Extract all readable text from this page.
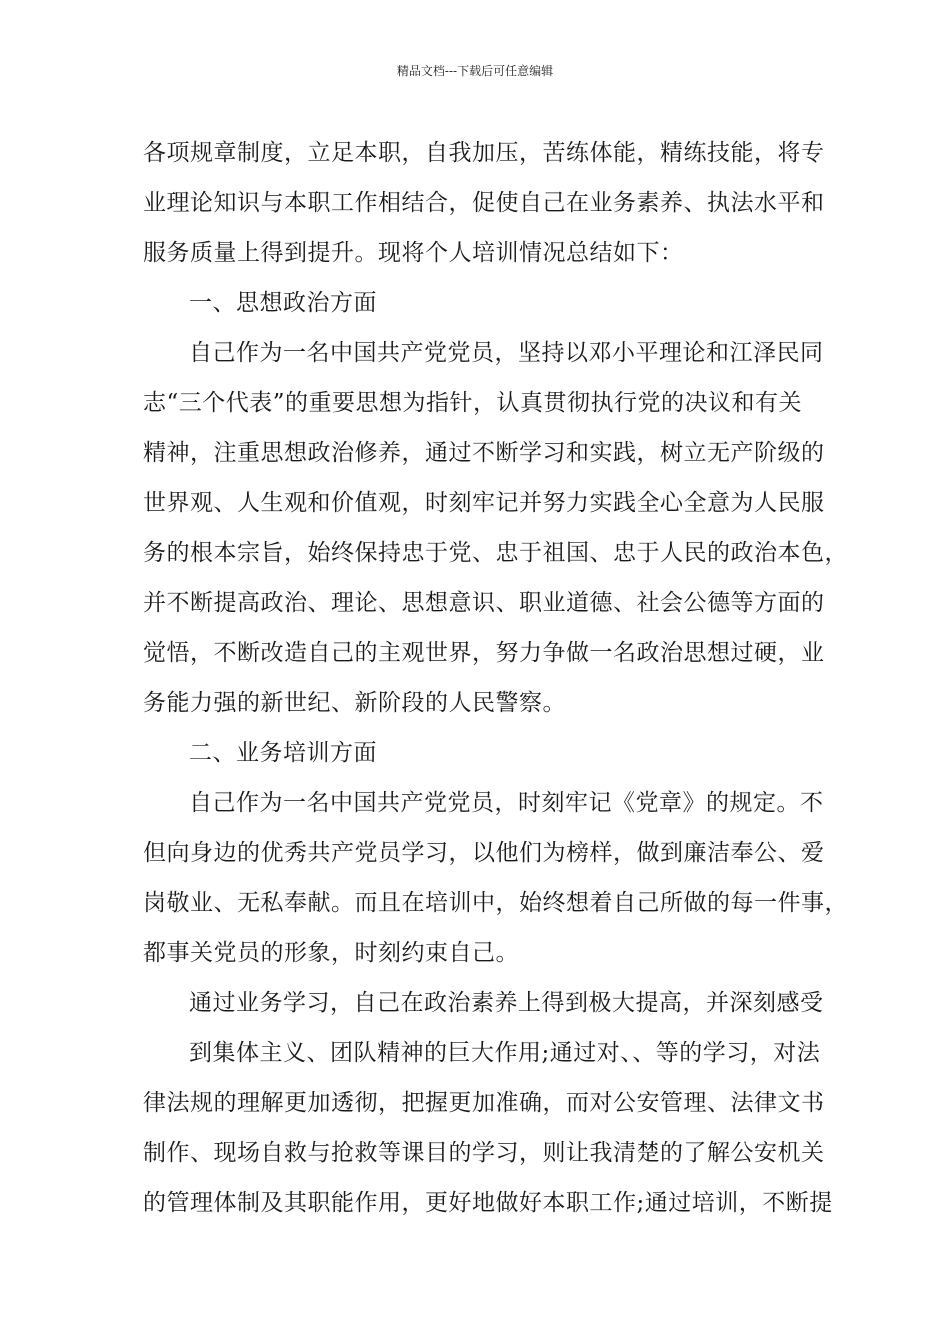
精品文档---下载后可任意编辑

各项规章制度，立足本职，自我加压，苦练体能，精练技能，将专

业理论知识与本职工作相结合，促使自己在业务素养、执法水平和

服务质量上得到提升。现将个人培训情况总结如下：

一、思想政治方面

自己作为一名中国共产党党员，坚持以邓小平理论和江泽民同

志“三个代表”的重要思想为指针，认真贯彻执行党的决议和有关

精神，注重思想政治修养，通过不断学习和实践，树立无产阶级的

世界观、人生观和价值观，时刻牢记并努力实践全心全意为人民服

务的根本宗旨，始终保持忠于党、忠于祖国、忠于人民的政治本色，

并不断提高政治、理论、思想意识、职业道德、社会公德等方面的

觉悟，不断改造自己的主观世界，努力争做一名政治思想过硬，业

务能力强的新世纪、新阶段的人民警察。

二、业务培训方面

自己作为一名中国共产党党员，时刻牢记《党章》的规定。不

但向身边的优秀共产党员学习，以他们为榜样，做到廉洁奉公、爱

岗敬业、无私奉献。而且在培训中，始终想着自己所做的每一件事，

都事关党员的形象，时刻约束自己。

通过业务学习，自己在政治素养上得到极大提高，并深刻感受

到集体主义、团队精神的巨大作用;通过对、、等的学习，对法

律法规的理解更加透彻，把握更加准确，而对公安管理、法律文书

制作、现场自救与抢救等课目的学习，则让我清楚的了解公安机关

的管理体制及其职能作用，更好地做好本职工作;通过培训，不断提
